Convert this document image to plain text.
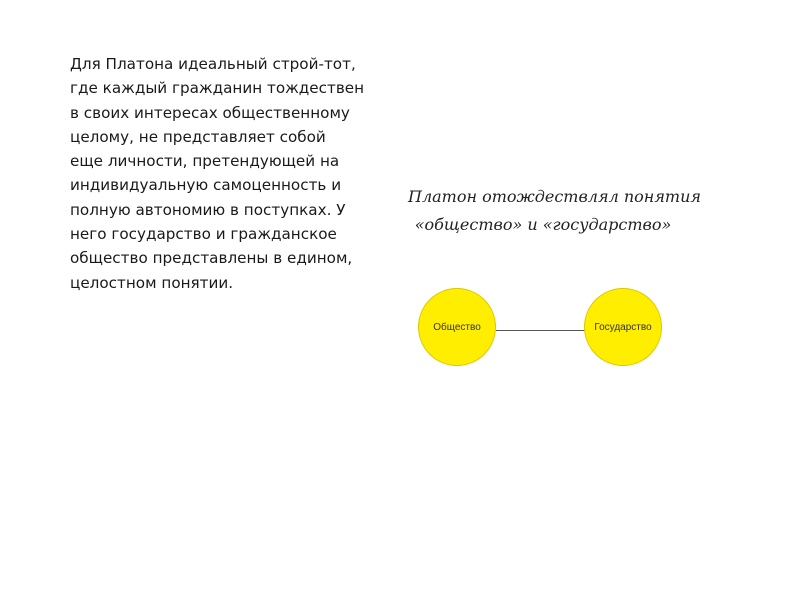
Для Платона идеальный строй-тот,
где каждый гражданин тождествен
в своих интересах общественному
целому, не представляет собой
еще личности, претендующей на
индивидуальную самоценность и
полную автономию в поступках. У
него государство и гражданское
общество представлены в едином,
целостном понятии.
Платон отождествлял понятия
«общество» и «государство»
Общество	Государство
